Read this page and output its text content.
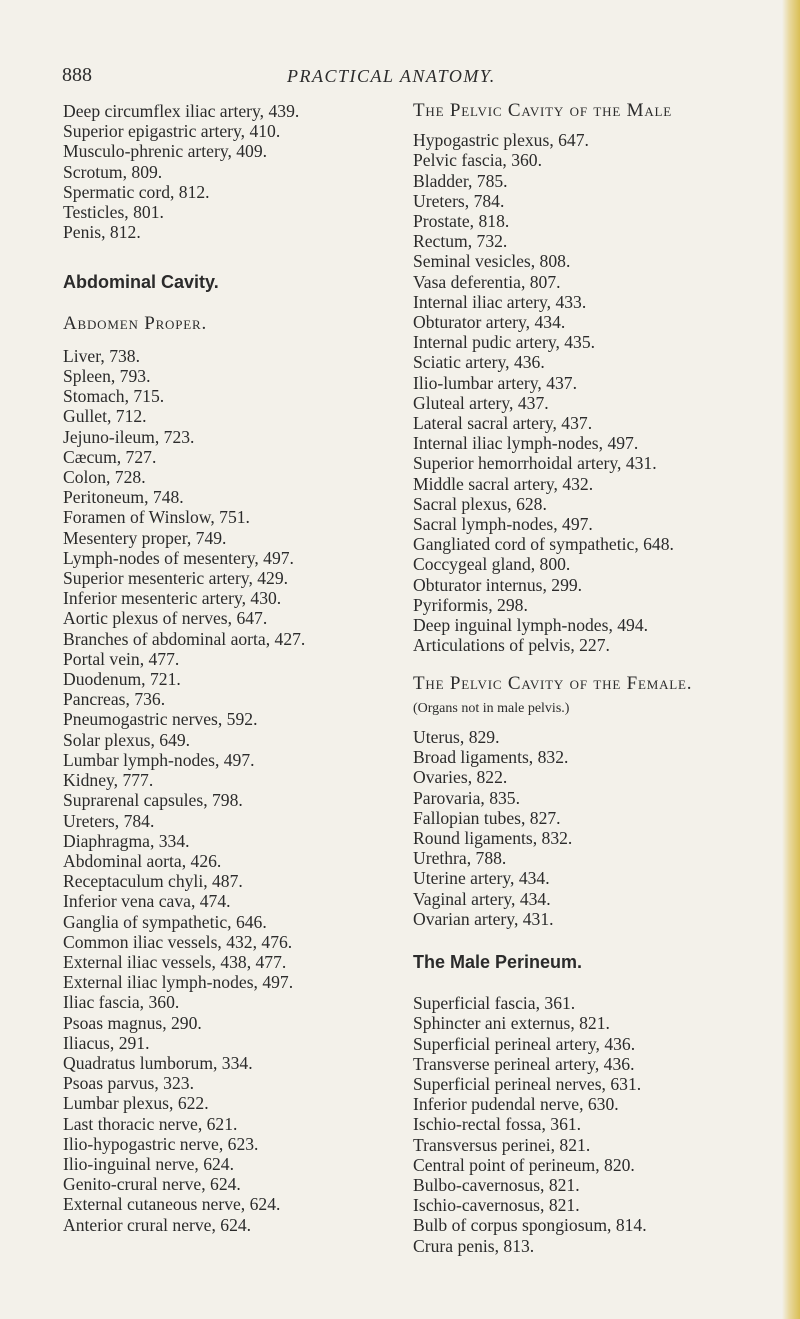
888	PRACTICAL ANATOMY.
Deep circumflex iliac artery, 439.
Superior epigastric artery, 410.
Musculo-phrenic artery, 409.
Scrotum, 809.
Spermatic cord, 812.
Testicles, 801.
Penis, 812.
Abdominal Cavity.
Abdomen Proper.
Liver, 738.
Spleen, 793.
Stomach, 715.
Gullet, 712.
Jejuno-ileum, 723.
Cæcum, 727.
Colon, 728.
Peritoneum, 748.
Foramen of Winslow, 751.
Mesentery proper, 749.
Lymph-nodes of mesentery, 497.
Superior mesenteric artery, 429.
Inferior mesenteric artery, 430.
Aortic plexus of nerves, 647.
Branches of abdominal aorta, 427.
Portal vein, 477.
Duodenum, 721.
Pancreas, 736.
Pneumogastric nerves, 592.
Solar plexus, 649.
Lumbar lymph-nodes, 497.
Kidney, 777.
Suprarenal capsules, 798.
Ureters, 784.
Diaphragma, 334.
Abdominal aorta, 426.
Receptaculum chyli, 487.
Inferior vena cava, 474.
Ganglia of sympathetic, 646.
Common iliac vessels, 432, 476.
External iliac vessels, 438, 477.
External iliac lymph-nodes, 497.
Iliac fascia, 360.
Psoas magnus, 290.
Iliacus, 291.
Quadratus lumborum, 334.
Psoas parvus, 323.
Lumbar plexus, 622.
Last thoracic nerve, 621.
Ilio-hypogastric nerve, 623.
Ilio-inguinal nerve, 624.
Genito-crural nerve, 624.
External cutaneous nerve, 624.
Anterior crural nerve, 624.
The Pelvic Cavity of the Male
Hypogastric plexus, 647.
Pelvic fascia, 360.
Bladder, 785.
Ureters, 784.
Prostate, 818.
Rectum, 732.
Seminal vesicles, 808.
Vasa deferentia, 807.
Internal iliac artery, 433.
Obturator artery, 434.
Internal pudic artery, 435.
Sciatic artery, 436.
Ilio-lumbar artery, 437.
Gluteal artery, 437.
Lateral sacral artery, 437.
Internal iliac lymph-nodes, 497.
Superior hemorrhoidal artery, 431.
Middle sacral artery, 432.
Sacral plexus, 628.
Sacral lymph-nodes, 497.
Gangliated cord of sympathetic, 648.
Coccygeal gland, 800.
Obturator internus, 299.
Pyriformis, 298.
Deep inguinal lymph-nodes, 494.
Articulations of pelvis, 227.
The Pelvic Cavity of the Female.
(Organs not in male pelvis.)
Uterus, 829.
Broad ligaments, 832.
Ovaries, 822.
Parovaria, 835.
Fallopian tubes, 827.
Round ligaments, 832.
Urethra, 788.
Uterine artery, 434.
Vaginal artery, 434.
Ovarian artery, 431.
The Male Perineum.
Superficial fascia, 361.
Sphincter ani externus, 821.
Superficial perineal artery, 436.
Transverse perineal artery, 436.
Superficial perineal nerves, 631.
Inferior pudendal nerve, 630.
Ischio-rectal fossa, 361.
Transversus perinei, 821.
Central point of perineum, 820.
Bulbo-cavernosus, 821.
Ischio-cavernosus, 821.
Bulb of corpus spongiosum, 814.
Crura penis, 813.
